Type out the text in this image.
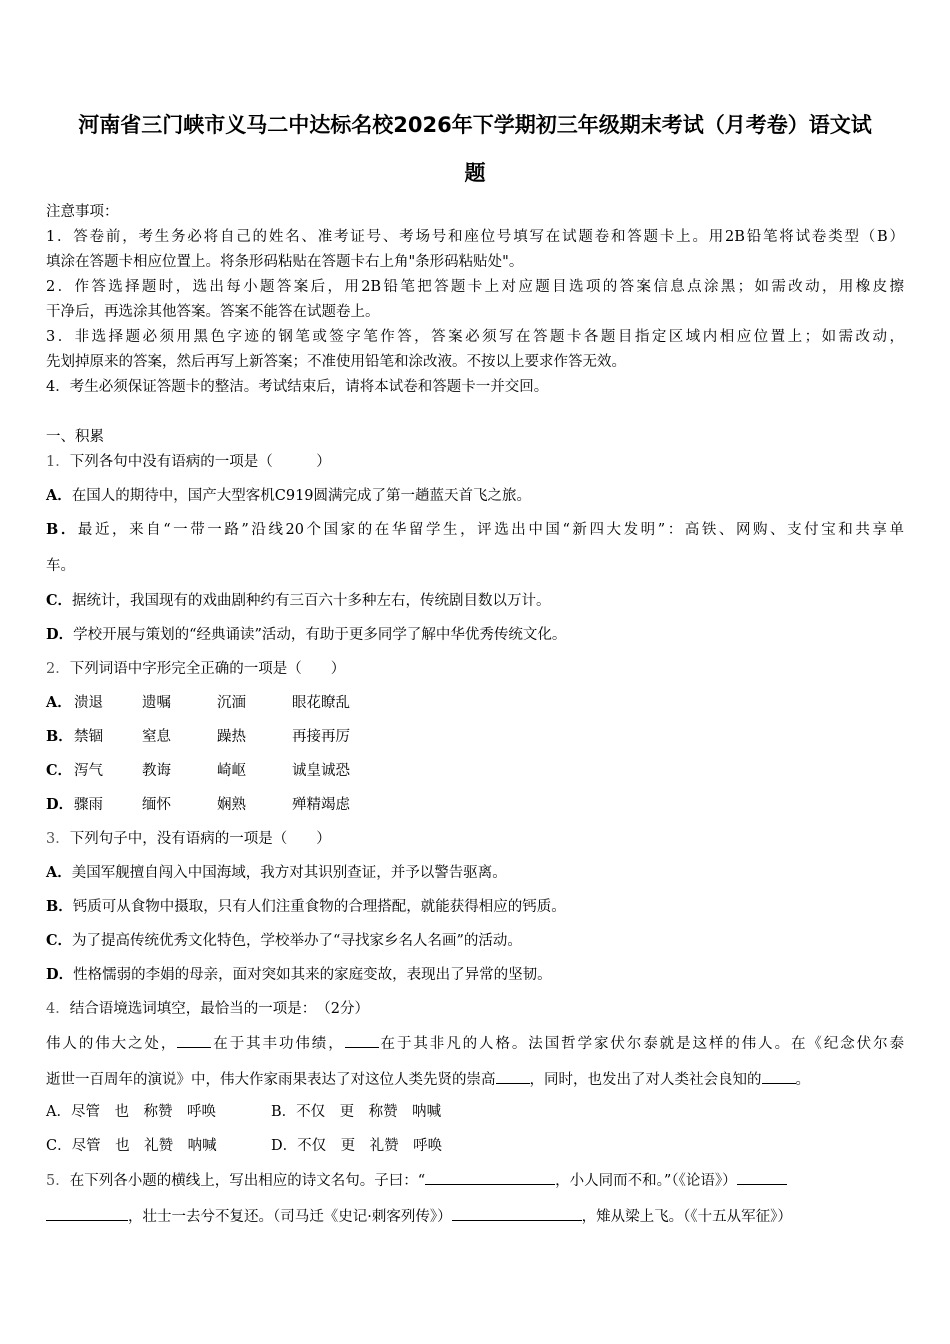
河南省三门峡市义马二中达标名校2026年下学期初三年级期末考试（月考卷）语文试
题
注意事项：
1．答卷前，考生务必将自己的姓名、准考证号、考场号和座位号填写在试题卷和答题卡上。用2B铅笔将试卷类型（B）
填涂在答题卡相应位置上。将条形码粘贴在答题卡右上角"条形码粘贴处"。
2．作答选择题时，选出每小题答案后，用2B铅笔把答题卡上对应题目选项的答案信息点涂黑；如需改动，用橡皮擦
干净后，再选涂其他答案。答案不能答在试题卷上。
3．非选择题必须用黑色字迹的钢笔或签字笔作答，答案必须写在答题卡各题目指定区域内相应位置上；如需改动，
先划掉原来的答案，然后再写上新答案；不准使用铅笔和涂改液。不按以上要求作答无效。
4．考生必须保证答题卡的整洁。考试结束后，请将本试卷和答题卡一并交回。
一、积累
1．下列各句中没有语病的一项是（　　　）
A．在国人的期待中，国产大型客机C919圆满完成了第一趟蓝天首飞之旅。
B．最近，来自“一带一路”沿线20个国家的在华留学生，评选出中国“新四大发明”：高铁、网购、支付宝和共享单
车。
C．据统计，我国现有的戏曲剧种约有三百六十多种左右，传统剧目数以万计。
D．学校开展与策划的“经典诵读”活动，有助于更多同学了解中华优秀传统文化。
2．下列词语中字形完全正确的一项是（　　）
A． 溃退	遗嘱	沉湎	眼花瞭乱
B．禁锢	窒息	躁热	再接再厉
C． 泻气	教诲	崎岖	诚皇诚恐
D．骤雨	缅怀	娴熟	殚精竭虑
3．下列句子中，没有语病的一项是（　　）
A．美国军舰擅自闯入中国海域，我方对其识别查证，并予以警告驱离。
B．钙质可从食物中摄取，只有人们注重食物的合理搭配，就能获得相应的钙质。
C．为了提高传统优秀文化特色，学校举办了“寻找家乡名人名画”的活动。
D．性格懦弱的李娟的母亲，面对突如其来的家庭变故，表现出了异常的坚韧。
4．结合语境选词填空，最恰当的一项是：　（2分）
伟人的伟大之处， 在于其丰功伟绩， 在于其非凡的人格。法国哲学家伏尔泰就是这样的伟人。在《纪念伏尔泰
逝世一百周年的演说》中，伟大作家雨果表达了对这位人类先贤的崇高 ，同时，也发出了对人类社会良知的 。
A．尽管　也　称赞　呼唤	B．不仅　更　称赞　呐喊
C．尽管　也　礼赞　呐喊	D．不仅　更　礼赞　呼唤
5．在下列各小题的横线上，写出相应的诗文名句。子曰：“	，小人同而不和。”（《论语》）
，壮士一去兮不复还。（司马迁《史记·刺客列传》）	，雉从梁上飞。（《十五从军征》）
